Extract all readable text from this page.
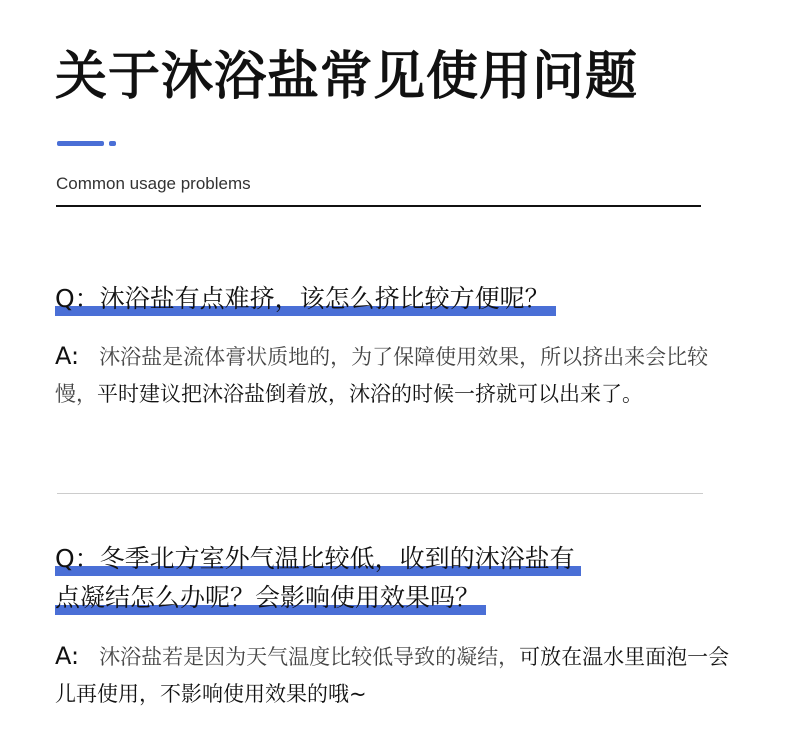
关于沐浴盐常见使用问题
Common usage problems
Q：沐浴盐有点难挤，该怎么挤比较方便呢？
A: 沐浴盐是流体膏状质地的，为了保障使用效果，所以挤出来会比较慢，平时建议把沐浴盐倒着放，沐浴的时候一挤就可以出来了。
Q：冬季北方室外气温比较低，收到的沐浴盐有
点凝结怎么办呢？会影响使用效果吗？
A: 沐浴盐若是因为天气温度比较低导致的凝结，可放在温水里面泡一会儿再使用，不影响使用效果的哦~
